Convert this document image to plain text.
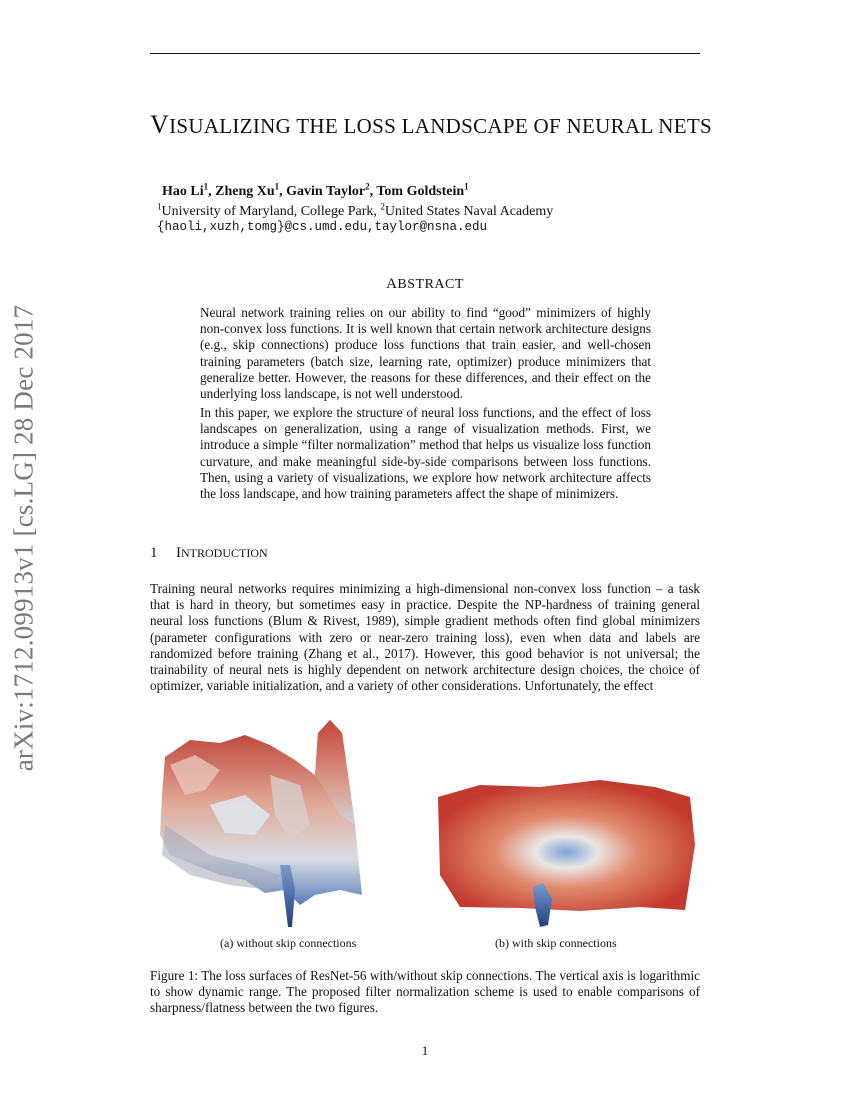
arXiv:1712.09913v1 [cs.LG] 28 Dec 2017
VISUALIZING THE LOSS LANDSCAPE OF NEURAL NETS
Hao Li$^1$, Zheng Xu$^1$, Gavin Taylor$^2$, Tom Goldstein$^1$
$^1$University of Maryland, College Park, $^2$United States Naval Academy
{haoli,xuzh,tomg}@cs.umd.edu,taylor@nsna.edu
ABSTRACT

Neural network training relies on our ability to find “good” minimizers of highly non-convex loss functions. It is well known that certain network architecture designs (e.g., skip connections) produce loss functions that train easier, and well-chosen training parameters (batch size, learning rate, optimizer) produce minimizers that generalize better. However, the reasons for these differences, and their effect on the underlying loss landscape, is not well understood.

In this paper, we explore the structure of neural loss functions, and the effect of loss landscapes on generalization, using a range of visualization methods. First, we introduce a simple “filter normalization” method that helps us visualize loss function curvature, and make meaningful side-by-side comparisons between loss functions. Then, using a variety of visualizations, we explore how network architecture affects the loss landscape, and how training parameters affect the shape of minimizers.

1 INTRODUCTION

Training neural networks requires minimizing a high-dimensional non-convex loss function – a task that is hard in theory, but sometimes easy in practice. Despite the NP-hardness of training general neural loss functions (Blum & Rivest, 1989), simple gradient methods often find global minimizers (parameter configurations with zero or near-zero training loss), even when data and labels are randomized before training (Zhang et al., 2017). However, this good behavior is not universal; the trainability of neural nets is highly dependent on network architecture design choices, the choice of optimizer, variable initialization, and a variety of other considerations. Unfortunately, the effect

(a) without skip connections	(b) with skip connections

Figure 1: The loss surfaces of ResNet-56 with/without skip connections. The vertical axis is logarithmic to show dynamic range. The proposed filter normalization scheme is used to enable comparisons of sharpness/flatness between the two figures.

1
